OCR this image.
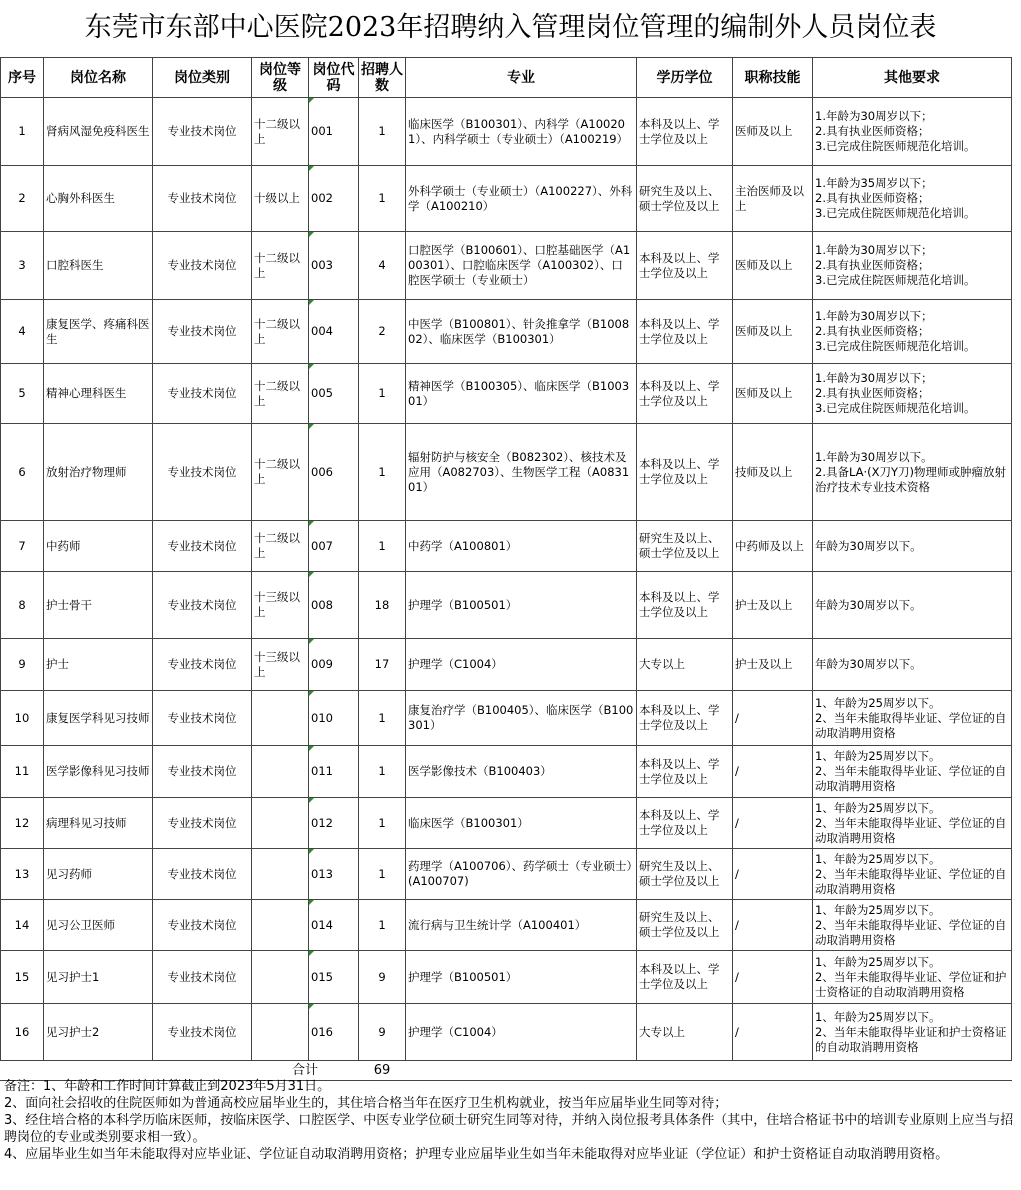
东莞市东部中心医院2023年招聘纳入管理岗位管理的编制外人员岗位表
序号	岗位名称	岗位类别	岗位等级	岗位代码	招聘人数	专业	学历学位	职称技能	其他要求
1	肾病风湿免疫科医生	专业技术岗位	十二级以上	001	1	临床医学（B100301）、内科学（A100201）、内科学硕士（专业硕士）（A100219）	本科及以上、学士学位及以上	医师及以上	1.年龄为30周岁以下；
2.具有执业医师资格；
3.已完成住院医师规范化培训。

2	心胸外科医生	专业技术岗位	十级以上	002	1	外科学硕士（专业硕士）（A100227）、外科学（A100210）	研究生及以上、硕士学位及以上	主治医师及以上	1.年龄为35周岁以下；
2.具有执业医师资格；
3.已完成住院医师规范化培训。

3	口腔科医生	专业技术岗位	十二级以上	003	4	口腔医学（B100601）、口腔基础医学（A100301）、口腔临床医学（A100302）、口腔医学硕士（专业硕士）	本科及以上、学士学位及以上	医师及以上	1.年龄为30周岁以下；
2.具有执业医师资格；
3.已完成住院医师规范化培训。

4	康复医学、疼痛科医生	专业技术岗位	十二级以上	004	2	中医学（B100801）、针灸推拿学（B100802）、临床医学（B100301）	本科及以上、学士学位及以上	医师及以上	1.年龄为30周岁以下；
2.具有执业医师资格；
3.已完成住院医师规范化培训。

5	精神心理科医生	专业技术岗位	十二级以上	005	1	精神医学（B100305）、临床医学（B100301）	本科及以上、学士学位及以上	医师及以上	1.年龄为30周岁以下；
2.具有执业医师资格；
3.已完成住院医师规范化培训。

6	放射治疗物理师	专业技术岗位	十二级以上	006	1	辐射防护与核安全（B082302）、核技术及应用（A082703）、生物医学工程（A083101）	本科及以上、学士学位及以上	技师及以上	1.年龄为30周岁以下。
2.具备LA·(X刀Y刀)物理师或肿瘤放射治疗技术专业技术资格

7	中药师	专业技术岗位	十二级以上	007	1	中药学（A100801）	研究生及以上、硕士学位及以上	中药师及以上	年龄为30周岁以下。

8	护士骨干	专业技术岗位	十三级以上	008	18	护理学（B100501）	本科及以上、学士学位及以上	护士及以上	年龄为30周岁以下。

9	护士	专业技术岗位	十三级以上	009	17	护理学（C1004）	大专以上	护士及以上	年龄为30周岁以下。

10	康复医学科见习技师	专业技术岗位		010	1	康复治疗学（B100405）、临床医学（B100301）	本科及以上、学士学位及以上	/	1、年龄为25周岁以下。
2、当年未能取得毕业证、学位证的自动取消聘用资格

11	医学影像科见习技师	专业技术岗位		011	1	医学影像技术（B100403）	本科及以上、学士学位及以上	/	1、年龄为25周岁以下。
2、当年未能取得毕业证、学位证的自动取消聘用资格

12	病理科见习技师	专业技术岗位		012	1	临床医学（B100301）	本科及以上、学士学位及以上	/	1、年龄为25周岁以下。
2、当年未能取得毕业证、学位证的自动取消聘用资格

13	见习药师	专业技术岗位		013	1	药理学（A100706）、药学硕士（专业硕士）(A100707)	研究生及以上、硕士学位及以上	/	1、年龄为25周岁以下。
2、当年未能取得毕业证、学位证的自动取消聘用资格

14	见习公卫医师	专业技术岗位		014	1	流行病与卫生统计学（A100401）	研究生及以上、硕士学位及以上	/	1、年龄为25周岁以下。
2、当年未能取得毕业证、学位证的自动取消聘用资格

15	见习护士1	专业技术岗位		015	9	护理学（B100501）	本科及以上、学士学位及以上	/	1、年龄为25周岁以下。
2、当年未能取得毕业证、学位证和护士资格证的自动取消聘用资格

16	见习护士2	专业技术岗位		016	9	护理学（C1004）	大专以上	/	1、年龄为25周岁以下。
2、当年未能取得毕业证和护士资格证的自动取消聘用资格

		合计			69				
备注：1、年龄和工作时间计算截止到2023年5月31日。
2、面向社会招收的住院医师如为普通高校应届毕业生的，其住培合格当年在医疗卫生机构就业，按当年应届毕业生同等对待；
3、经住培合格的本科学历临床医师，按临床医学、口腔医学、中医专业学位硕士研究生同等对待，并纳入岗位报考具体条件（其中，住培合格证书中的培训专业原则上应当与招聘岗位的专业或类别要求相一致）。
4、应届毕业生如当年未能取得对应毕业证、学位证自动取消聘用资格；护理专业应届毕业生如当年未能取得对应毕业证（学位证）和护士资格证自动取消聘用资格。
